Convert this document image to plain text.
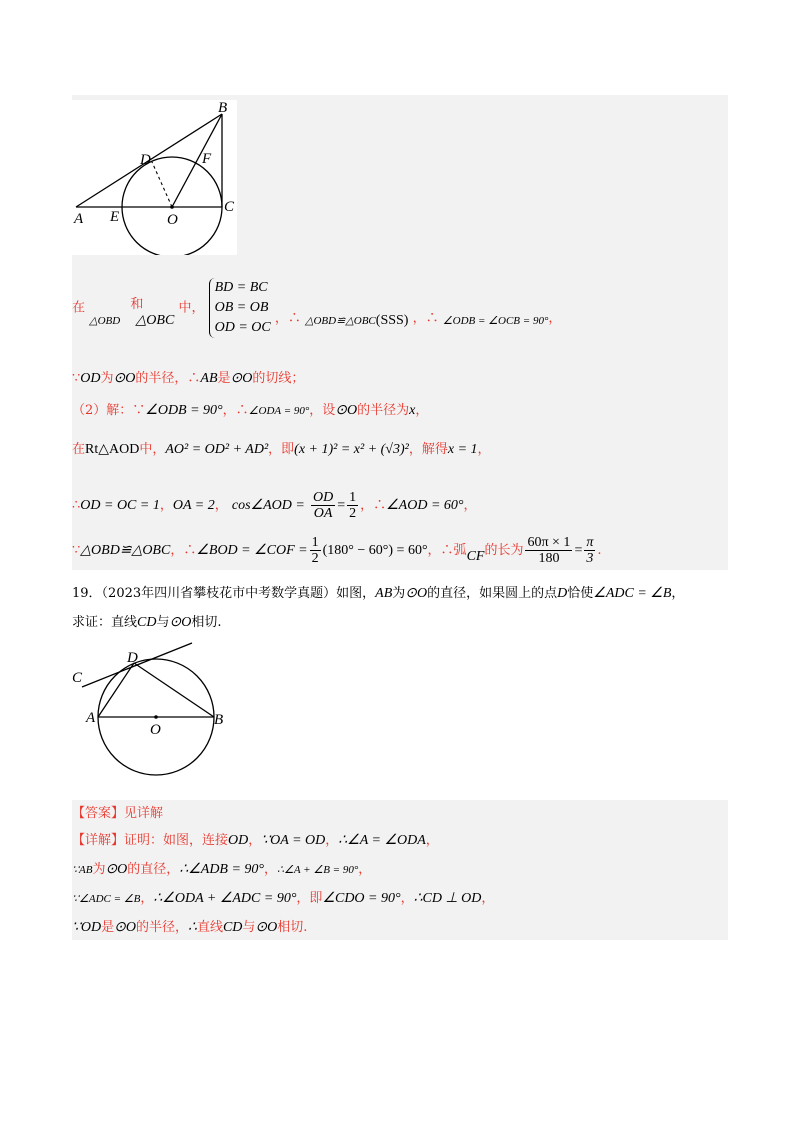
B
D	F
A E	O
C
在 $_{\triangle OBD}$ 和 △OBC 中，
BD = BC
OB = OB
OD = OC
，∴ $_{\triangle OBD≌\triangle OBC}$(SSS) ，∴ $_{\angle ODB = \angle OCB = 90^\circ}$，
∵OD为⊙O的半径，∴AB是⊙O的切线；
（2）解：∵∠ODB = 90°，∴∠ODA = 90°，设⊙O的半径为x，
在Rt△AOD中，AO² = OD² + AD²，即(x + 1)² = x² + (√3)²，解得x = 1，
∴OD = OC = 1，OA = 2， cos∠AOD = $\frac{OD}{OA} = \frac{1}{2}$ ，∴∠AOD = 60°，
∵△OBD≌△OBC，∴∠BOD = ∠COF = $\frac{1}{2} (180^\circ - 60^\circ) = 60^\circ$，∴弧CF的长为 $\frac{60\pi \times 1}{180} = \frac{\pi}{3}$ .
19．（2023年四川省攀枝花市中考数学真题）如图，AB为⊙O的直径，如果圆上的点D恰使∠ADC = ∠B，
求证：直线CD与⊙O相切.
C
D
A
O
B
【答案】见详解
【详解】证明：如图，连接OD，∵OA = OD，∴∠A = ∠ODA，
∵AB为⊙O的直径，∴∠ADB = 90°，∴∠A + ∠B = 90°，
∵∠ADC = ∠B，∴∠ODA + ∠ADC = 90°，即∠CDO = 90°，∴CD ⊥ OD，
∵OD是⊙O的半径，∴直线CD与⊙O相切.
